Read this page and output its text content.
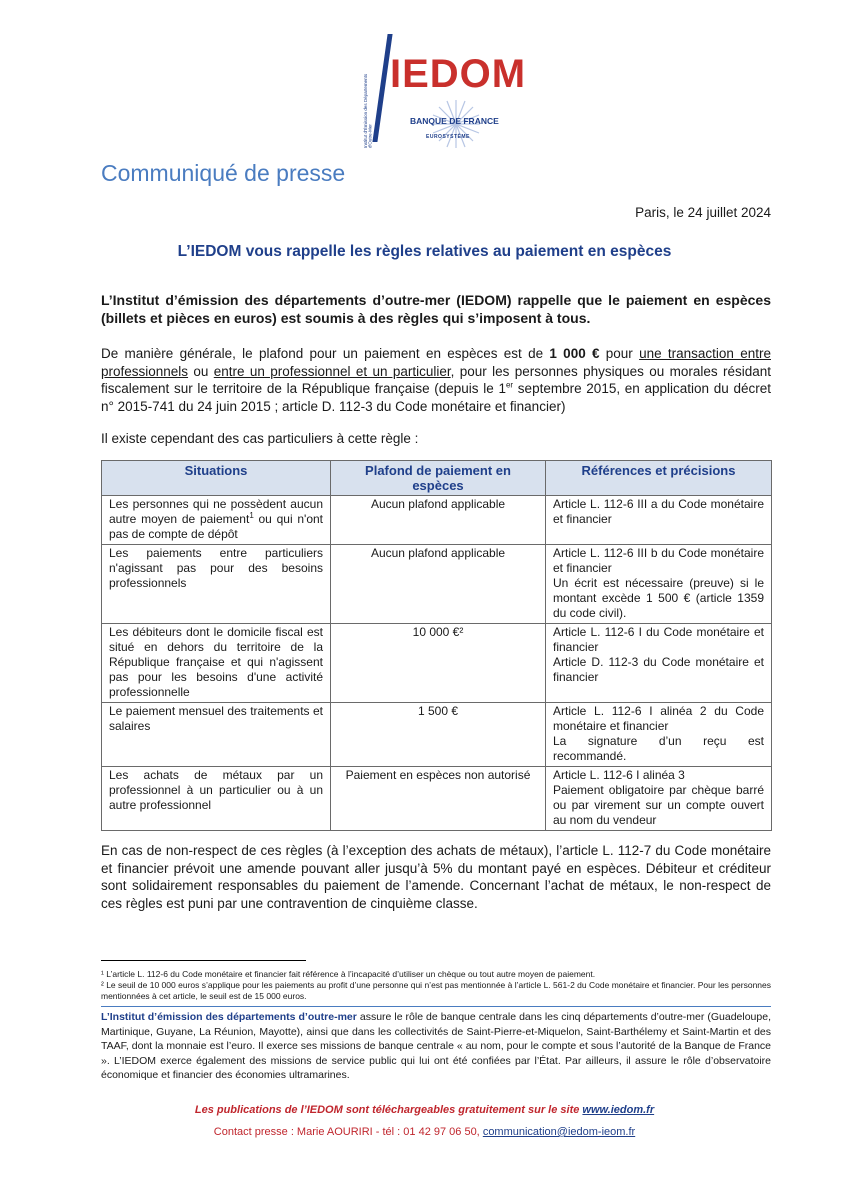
Institut d'Émission des Départements d'Outre-Mer
IEDOM
BANQUE DE FRANCE
EUROSYSTÈME
Communiqué de presse
Paris, le 24 juillet 2024
L’IEDOM vous rappelle les règles relatives au paiement en espèces
L’Institut d’émission des départements d’outre-mer (IEDOM) rappelle que le paiement en espèces (billets et pièces en euros) est soumis à des règles qui s’imposent à tous.
De manière générale, le plafond pour un paiement en espèces est de 1 000 € pour une transaction entre professionnels ou entre un professionnel et un particulier, pour les personnes physiques ou morales résidant fiscalement sur le territoire de la République française (depuis le 1er septembre 2015, en application du décret n° 2015-741 du 24 juin 2015 ; article D. 112-3 du Code monétaire et financier)
Il existe cependant des cas particuliers à cette règle :
Situations	Plafond de paiement en espèces	Références et précisions
Les personnes qui ne possèdent aucun autre moyen de paiement$^1$ ou qui n'ont pas de compte de dépôt	Aucun plafond applicable	Article L. 112-6 III a du Code monétaire et financier

Les paiements entre particuliers n'agissant pas pour des besoins professionnels	Aucun plafond applicable	Article L. 112-6 III b du Code monétaire et financier
Un écrit est nécessaire (preuve) si le montant excède 1 500 € (article 1359 du code civil).

Les débiteurs dont le domicile fiscal est situé en dehors du territoire de la République française et qui n'agissent pas pour les besoins d'une activité professionnelle	10 000 €²	Article L. 112-6 I du Code monétaire et financier
Article D. 112-3 du Code monétaire et financier

Le paiement mensuel des traitements et salaires	1 500 €	Article L. 112-6 I alinéa 2 du Code monétaire et financier
La signature d’un reçu est recommandé.

Les achats de métaux par un professionnel à un particulier ou à un autre professionnel	Paiement en espèces non autorisé	Article L. 112-6 I alinéa 3
Paiement obligatoire par chèque barré ou par virement sur un compte ouvert au nom du vendeur
En cas de non-respect de ces règles (à l’exception des achats de métaux), l’article L. 112-7 du Code monétaire et financier prévoit une amende pouvant aller jusqu’à 5% du montant payé en espèces. Débiteur et créditeur sont solidairement responsables du paiement de l’amende. Concernant l’achat de métaux, le non-respect de ces règles est puni par une contravention de cinquième classe.
¹ L’article L. 112-6 du Code monétaire et financier fait référence à l’incapacité d’utiliser un chèque ou tout autre moyen de paiement.
² Le seuil de 10 000 euros s’applique pour les paiements au profit d’une personne qui n’est pas mentionnée à l’article L. 561-2 du Code monétaire et financier. Pour les personnes mentionnées à cet article, le seuil est de 15 000 euros.
L’Institut d’émission des départements d’outre-mer assure le rôle de banque centrale dans les cinq départements d’outre-mer (Guadeloupe, Martinique, Guyane, La Réunion, Mayotte), ainsi que dans les collectivités de Saint-Pierre-et-Miquelon, Saint-Barthélemy et Saint-Martin et des TAAF, dont la monnaie est l’euro. Il exerce ses missions de banque centrale « au nom, pour le compte et sous l’autorité de la Banque de France ». L’IEDOM exerce également des missions de service public qui lui ont été confiées par l’État. Par ailleurs, il assure le rôle d’observatoire économique et financier des économies ultramarines.
Les publications de l’IEDOM sont téléchargeables gratuitement sur le site www.iedom.fr
Contact presse : Marie AOURIRI - tél : 01 42 97 06 50, communication@iedom-ieom.fr
